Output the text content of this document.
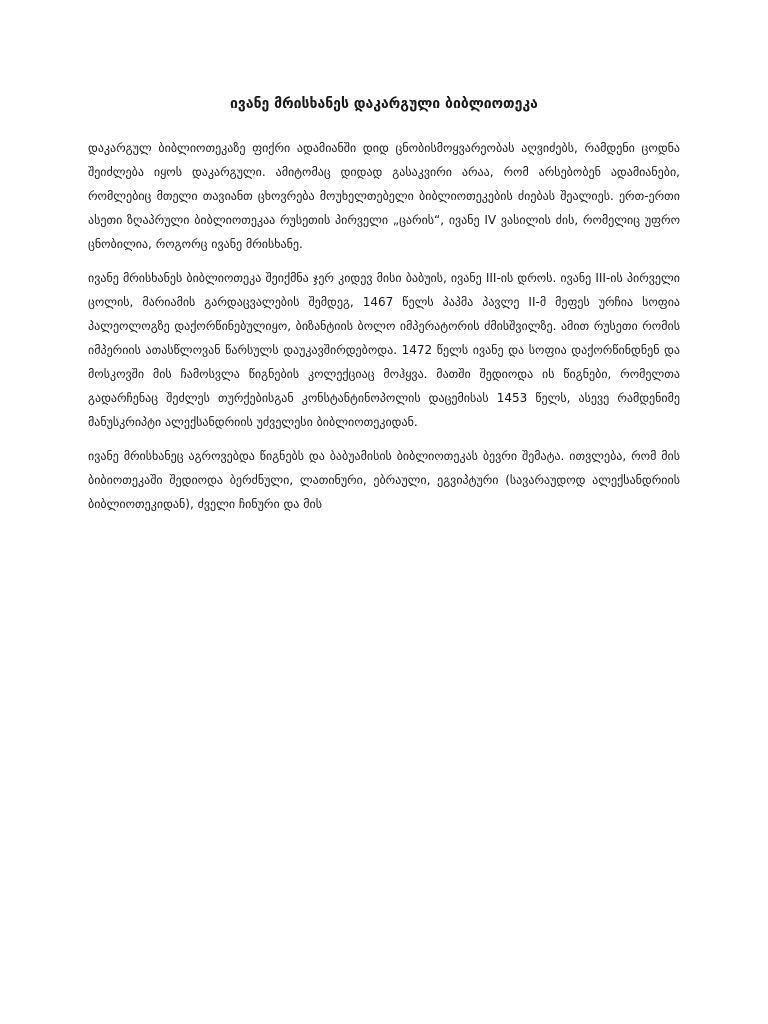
ივანე მრისხანეს დაკარგული ბიბლიოთეკა

დაკარგულ ბიბლიოთეკაზე ფიქრი ადამიანში დიდ ცნობისმოყვარეობას აღვიძებს, რამდენი ცოდნა შეიძლება იყოს დაკარგული. ამიტომაც დიდად გასაკვირი არაა, რომ არსებობენ ადამიანები, რომლებიც მთელი თავიანთ ცხოვრება მოუხელთებელი ბიბლიოთეკების ძიებას შეალიეს. ერთ-ერთი ასეთი ზღაპრული ბიბლიოთეკაა რუსეთის პირველი „ცარის“, ივანე IV ვასილის ძის, რომელიც უფრო ცნობილია, როგორც ივანე მრისხანე.

ივანე მრისხანეს ბიბლიოთეკა შეიქმნა ჯერ კიდევ მისი ბაბუის, ივანე III-ის დროს. ივანე III-ის პირველი ცოლის, მარიამის გარდაცვალების შემდეგ, 1467 წელს პაპმა პავლე II-მ მეფეს ურჩია სოფია პალეოლოგზე დაქორწინებულიყო, ბიზანტიის ბოლო იმპერატორის ძმისშვილზე. ამით რუსეთი რომის იმპერიის ათასწლოვან წარსულს დაუკავშირდებოდა. 1472 წელს ივანე და სოფია დაქორწინდნენ და მოსკოვში მის ჩამოსვლა წიგნების კოლექციაც მოჰყვა. მათში შედიოდა ის წიგნები, რომელთა გადარჩენაც შეძლეს თურქებისგან კონსტანტინოპოლის დაცემისას 1453 წელს, ასევე რამდენიმე მანუსკრიპტი ალექსანდრიის უძველესი ბიბლიოთეკიდან.

ივანე მრისხანეც აგროვებდა წიგნებს და ბაბუამისის ბიბლიოთეკას ბევრი შემატა. ითვლება, რომ მის ბიბიოთეკაში შედიოდა ბერძნული, ლათინური, ებრაული, ეგვიპტური (სავარაუდოდ ალექსანდრიის ბიბლიოთეკიდან), ძველი ჩინური და მის
